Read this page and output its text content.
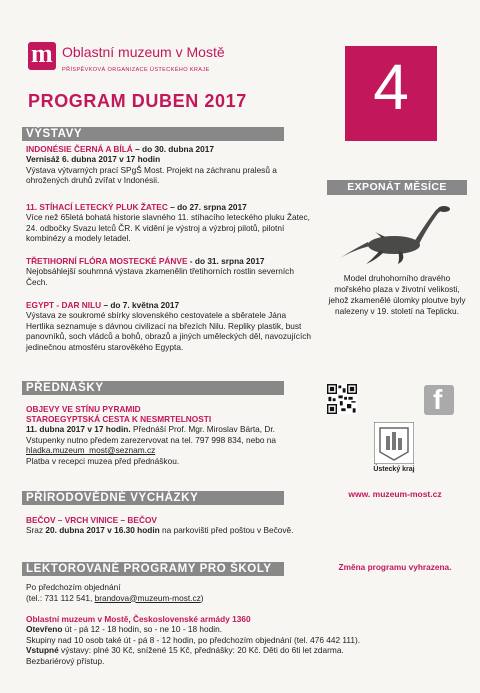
m Oblastní muzeum v Mostě
PŘÍSPĚVKOVÁ ORGANIZACE ÚSTECKÉHO KRAJE
PROGRAM DUBEN 2017	4
VÝSTAVY
INDONÉSIE ČERNÁ A BÍLÁ – do 30. dubna 2017
Vernisáž 6. dubna 2017 v 17 hodin
Výstava výtvarných prací SPgŠ Most. Projekt na záchranu pralesů a ohrožených druhů zvířat v Indonésii.
11. STÍHACÍ LETECKÝ PLUK ŽATEC – do 27. srpna 2017
Více než 65letá bohatá historie slavného 11. stíhacího leteckého pluku Žatec, 24. odbočky Svazu letců ČR. K vidění je výstroj a výzbroj pilotů, pilotní kombinézy a modely letadel.
TŘETIHORNÍ FLÓRA MOSTECKÉ PÁNVE - do 31. srpna 2017
Nejobsáhlejší souhrnná výstava zkamenělin třetihorních rostlin severních Čech.
EGYPT - DAR NILU – do 7. května 2017
Výstava ze soukromé sbírky slovenského cestovatele a sběratele Jána Hertlika seznamuje s dávnou civilizací na březích Nilu. Repliky plastik, bust panovníků, soch vládců a bohů, obrazů a jiných uměleckých děl, navozujících jedinečnou atmosféru starověkého Egypta.
PŘEDNÁŠKY
OBJEVY VE STÍNU PYRAMID
STAROEGYPTSKÁ CESTA K NESMRTELNOSTI
11. dubna 2017 v 17 hodin. Přednáší Prof. Mgr. Miroslav Bárta, Dr.
Vstupenky nutno předem zarezervovat na tel. 797 998 834, nebo na
hladka.muzeum_most@seznam.cz
Platba v recepci muzea před přednáškou.
PŘÍRODOVĚDNÉ VYCHÁZKY
BEČOV – VRCH VINICE – BEČOV
Sraz 20. dubna 2017 v 16.30 hodin na parkovišti před poštou v Bečově.
LEKTOROVANÉ PROGRAMY PRO ŠKOLY
Po předchozím objednání
(tel.: 731 112 541, brandova@muzeum-most.cz)
Oblastní muzeum v Mostě, Československé armády 1360
Otevřeno út - pá 12 - 18 hodin, so - ne 10 - 18 hodin.
Skupiny nad 10 osob také út - pá 8 - 12 hodin, po předchozím objednání (tel. 476 442 111).
Vstupné výstavy: plné 30 Kč, snížené 15 Kč, přednášky: 20 Kč. Děti do 6ti let zdarma.
Bezbariérový přístup.
EXPONÁT MĚSÍCE
Model druhohorního dravého mořského plaza v životní velikosti, jehož zkamenělé úlomky ploutve byly nalezeny v 19. století na Teplicku.
f
Ústecký kraj
www. muzeum-most.cz
Změna programu vyhrazena.
